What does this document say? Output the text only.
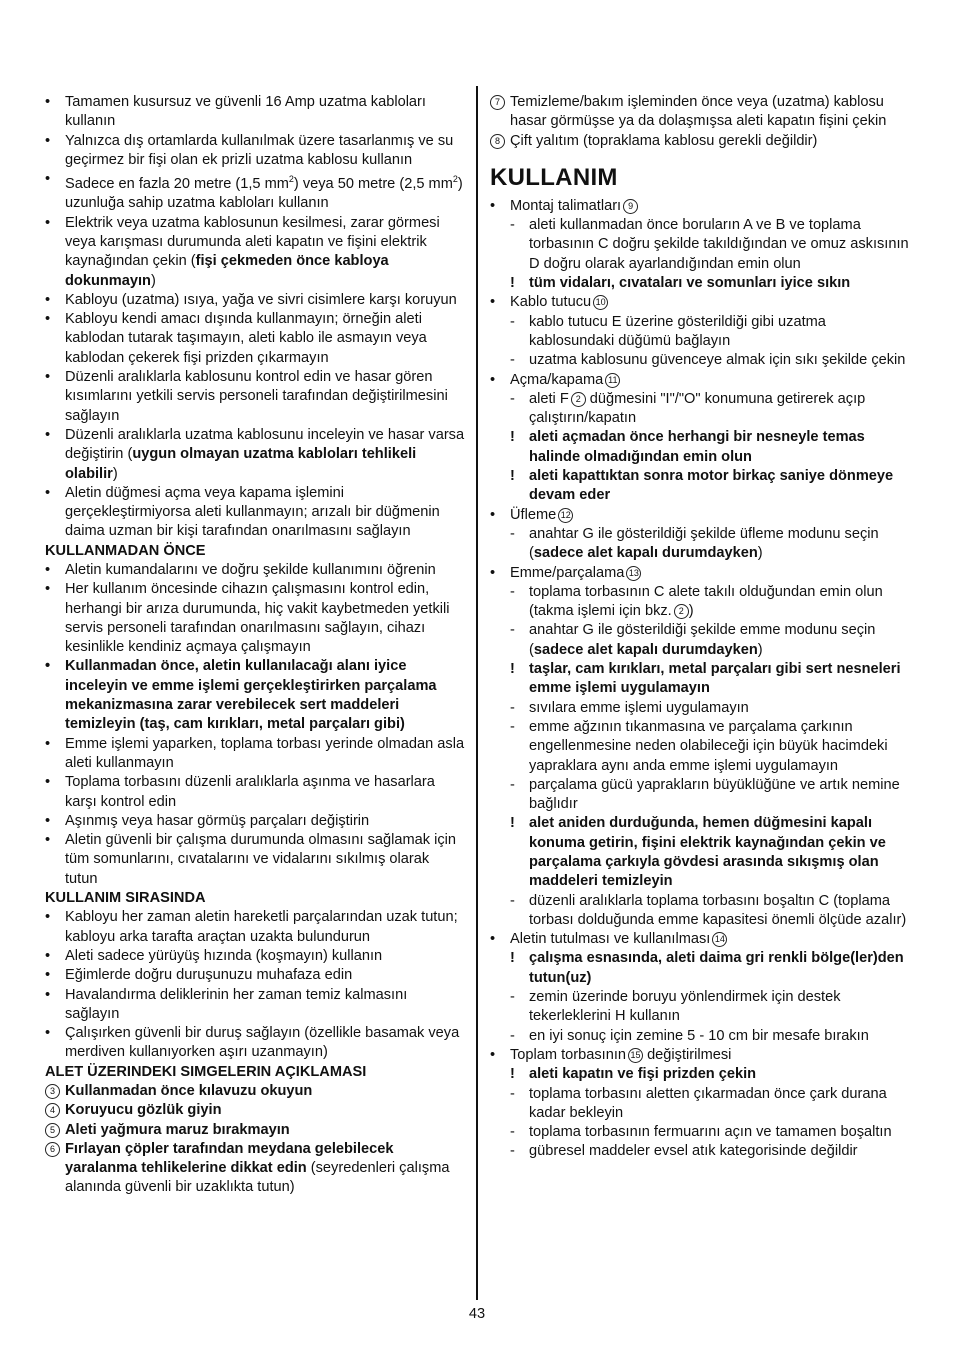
• Tamamen kusursuz ve güvenli 16 Amp uzatma kabloları kullanın
• Yalnızca dış ortamlarda kullanılmak üzere tasarlanmış ve su geçirmez bir fişi olan ek prizli uzatma kablosu kullanın
• Sadece en fazla 20 metre (1,5 $mm^2$) veya 50 metre (2,5 $mm^2$) uzunluğa sahip uzatma kabloları kullanın
• Elektrik veya uzatma kablosunun kesilmesi, zarar görmesi veya karışması durumunda aleti kapatın ve fişini elektrik kaynağından çekin (fişi çekmeden önce kabloya dokunmayın)
• Kabloyu (uzatma) ısıya, yağa ve sivri cisimlere karşı koruyun
• Kabloyu kendi amacı dışında kullanmayın; örneğin aleti kablodan tutarak taşımayın, aleti kablo ile asmayın veya kablodan çekerek fişi prizden çıkarmayın
• Düzenli aralıklarla kablosunu kontrol edin ve hasar gören kısımlarını yetkili servis personeli tarafından değiştirilmesini sağlayın
• Düzenli aralıklarla uzatma kablosunu inceleyin ve hasar varsa değiştirin (uygun olmayan uzatma kabloları tehlikeli olabilir)
• Aletin düğmesi açma veya kapama işlemini gerçekleştirmiyorsa aleti kullanmayın; arızalı bir düğmenin daima uzman bir kişi tarafından onarılmasını sağlayın
KULLANMADAN ÖNCE
• Aletin kumandalarını ve doğru şekilde kullanımını öğrenin
• Her kullanım öncesinde cihazın çalışmasını kontrol edin, herhangi bir arıza durumunda, hiç vakit kaybetmeden yetkili servis personeli tarafından onarılmasını sağlayın, cihazı kesinlikle kendiniz açmaya çalışmayın
• Kullanmadan önce, aletin kullanılacağı alanı iyice inceleyin ve emme işlemi gerçekleştirirken parçalama mekanizmasına zarar verebilecek sert maddeleri temizleyin (taş, cam kırıkları, metal parçaları gibi)
• Emme işlemi yaparken, toplama torbası yerinde olmadan asla aleti kullanmayın
• Toplama torbasını düzenli aralıklarla aşınma ve hasarlara karşı kontrol edin
• Aşınmış veya hasar görmüş parçaları değiştirin
• Aletin güvenli bir çalışma durumunda olmasını sağlamak için tüm somunlarını, cıvatalarını ve vidalarını sıkılmış olarak tutun
KULLANIM SIRASINDA
• Kabloyu her zaman aletin hareketli parçalarından uzak tutun; kabloyu arka tarafta araçtan uzakta bulundurun
• Aleti sadece yürüyüş hızında (koşmayın) kullanın
• Eğimlerde doğru duruşunuzu muhafaza edin
• Havalandırma deliklerinin her zaman temiz kalmasını sağlayın
• Çalışırken güvenli bir duruş sağlayın (özellikle basamak veya merdiven kullanıyorken aşırı uzanmayın)
ALET ÜZERINDEKI SIMGELERIN AÇIKLAMASI
3 Kullanmadan önce kılavuzu okuyun
4 Koruyucu gözlük giyin
5 Aleti yağmura maruz bırakmayın
6 Fırlayan çöpler tarafından meydana gelebilecek yaralanma tehlikelerine dikkat edin (seyredenleri çalışma alanında güvenli bir uzaklıkta tutun)
7 Temizleme/bakım işleminden önce veya (uzatma) kablosu hasar görmüşse ya da dolaşmışsa aleti kapatın fişini çekin
8 Çift yalıtım (topraklama kablosu gerekli değildir)
KULLANIM
• Montaj talimatları 9
- aleti kullanmadan önce boruların A ve B ve toplama torbasının C doğru şekilde takıldığından ve omuz askısının D doğru olarak ayarlandığından emin olun
! tüm vidaları, cıvataları ve somunları iyice sıkın
• Kablo tutucu 10
- kablo tutucu E üzerine gösterildiği gibi uzatma kablosundaki düğümü bağlayın
- uzatma kablosunu güvenceye almak için sıkı şekilde çekin
• Açma/kapama 11
- aleti F 2 düğmesini "I"/"O" konumuna getirerek açıp çalıştırın/kapatın
! aleti açmadan önce herhangi bir nesneyle temas halinde olmadığından emin olun
! aleti kapattıktan sonra motor birkaç saniye dönmeye devam eder
• Üfleme 12
- anahtar G ile gösterildiği şekilde üfleme modunu seçin (sadece alet kapalı durumdayken)
• Emme/parçalama 13
- toplama torbasının C alete takılı olduğundan emin olun (takma işlemi için bkz. 2 )
- anahtar G ile gösterildiği şekilde emme modunu seçin (sadece alet kapalı durumdayken)
! taşlar, cam kırıkları, metal parçaları gibi sert nesneleri emme işlemi uygulamayın
- sıvılara emme işlemi uygulamayın
- emme ağzının tıkanmasına ve parçalama çarkının engellenmesine neden olabileceği için büyük hacimdeki yapraklara aynı anda emme işlemi uygulamayın
- parçalama gücü yaprakların büyüklüğüne ve artık nemine bağlıdır
! alet aniden durduğunda, hemen düğmesini kapalı konuma getirin, fişini elektrik kaynağından çekin ve parçalama çarkıyla gövdesi arasında sıkışmış olan maddeleri temizleyin
- düzenli aralıklarla toplama torbasını boşaltın C (toplama torbası dolduğunda emme kapasitesi önemli ölçüde azalır)
• Aletin tutulması ve kullanılması 14
! çalışma esnasında, aleti daima gri renkli bölge(ler)den tutun(uz)
- zemin üzerinde boruyu yönlendirmek için destek tekerleklerini H kullanın
- en iyi sonuç için zemine 5 - 10 cm bir mesafe bırakın
• Toplam torbasının 15 değiştirilmesi
! aleti kapatın ve fişi prizden çekin
- toplama torbasını aletten çıkarmadan önce çark durana kadar bekleyin
- toplama torbasının fermuarını açın ve tamamen boşaltın
- gübresel maddeler evsel atık kategorisinde değildir
43
